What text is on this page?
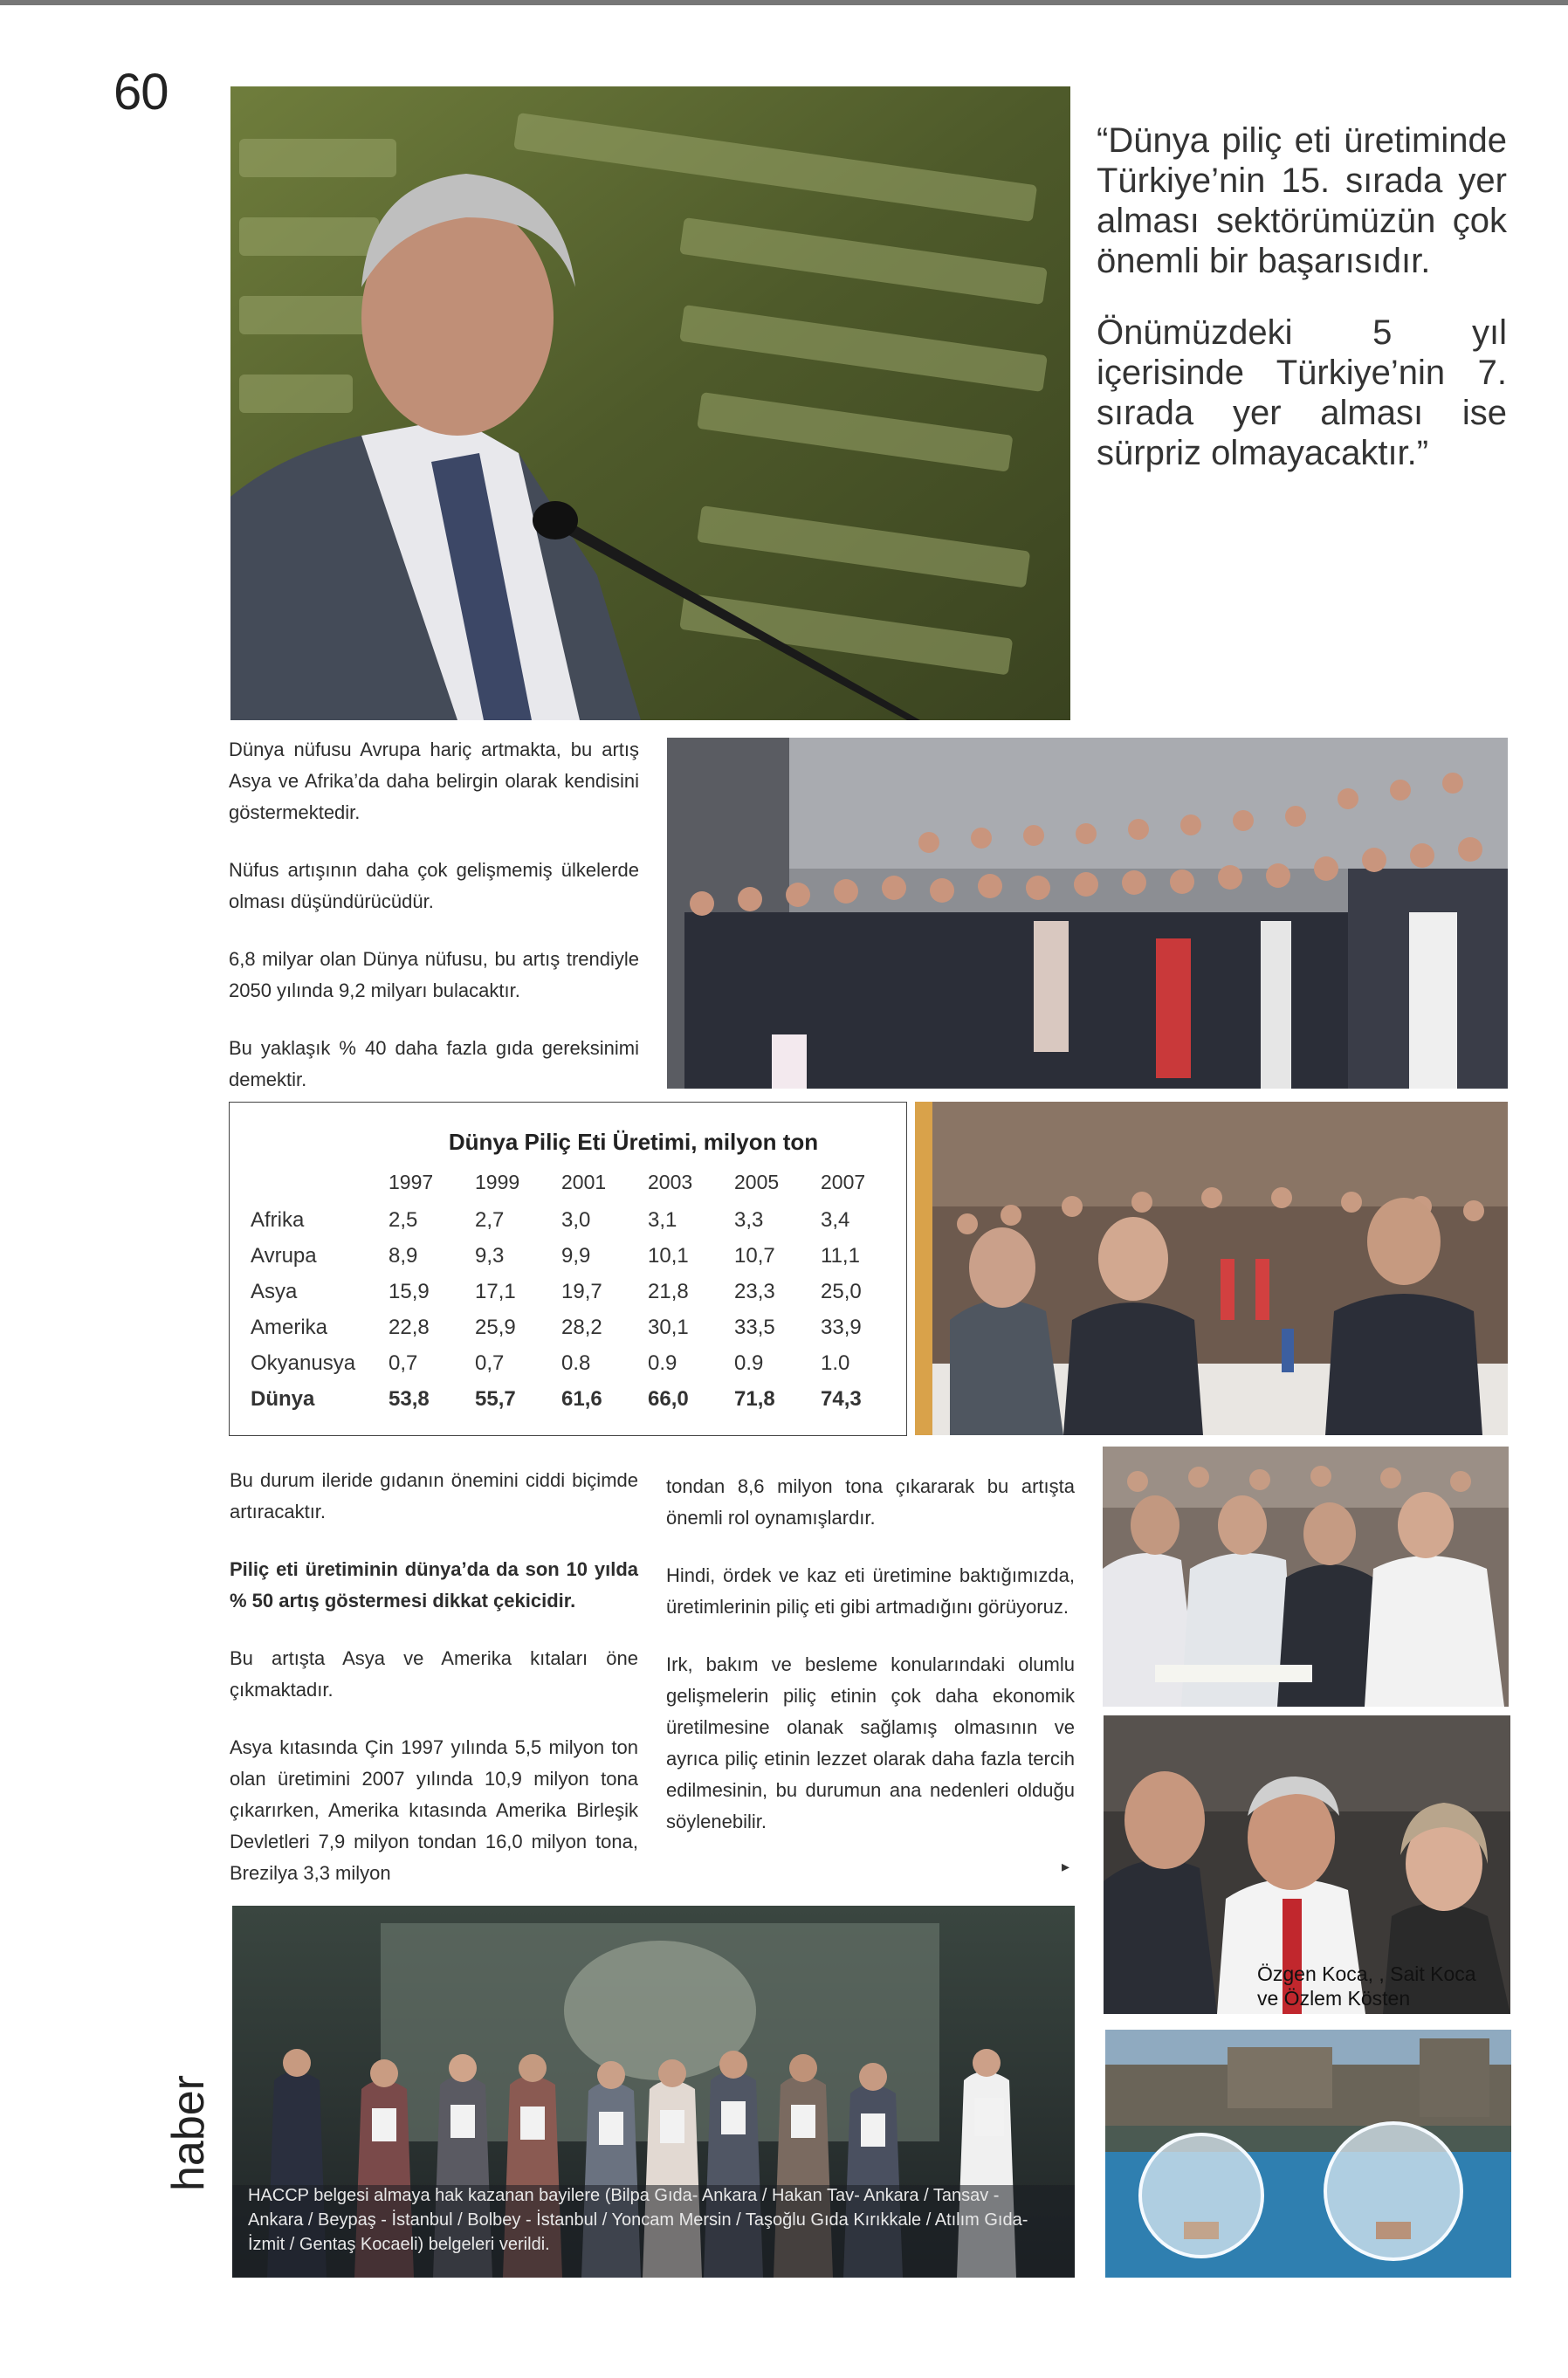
60
haber

“Dünya piliç eti üretiminde Türkiye’nin 15. sırada yer alması sektörümüzün çok önemli bir başarısıdır.

Önümüzdeki 5 yıl içerisinde Türkiye’nin 7. sırada yer alması ise sürpriz olmayacaktır.”

Dünya nüfusu Avrupa hariç artmakta, bu artış Asya ve Afrika’da daha belirgin olarak kendisini göstermektedir.

Nüfus artışının daha çok gelişmemiş ülkelerde olması düşündürücüdür.

6,8 milyar olan Dünya nüfusu, bu artış trendiyle 2050 yılında 9,2 milyarı bulacaktır.

Bu yaklaşık % 40 daha fazla gıda gereksinimi demektir.

Dünya Piliç Eti Üretimi, milyon ton
1997	1999	2001	2003	2005	2007
Afrika	2,5	2,7	3,0	3,1	3,3	3,4
Avrupa	8,9	9,3	9,9	10,1	10,7	11,1
Asya	15,9	17,1	19,7	21,8	23,3	25,0
Amerika	22,8	25,9	28,2	30,1	33,5	33,9
Okyanusya	0,7	0,7	0.8	0.9	0.9	1.0
Dünya	53,8	55,7	61,6	66,0	71,8	74,3

Bu durum ileride gıdanın önemini ciddi biçimde artıracaktır.

Piliç eti üretiminin dünya’da da son 10 yılda % 50 artış göstermesi dikkat çekicidir.

Bu artışta Asya ve Amerika kıtaları öne çıkmaktadır.

Asya kıtasında Çin 1997 yılında 5,5 milyon ton olan üretimini 2007 yılında 10,9 milyon tona çıkarırken, Amerika kıtasında Amerika Birleşik Devletleri 7,9 milyon tondan 16,0 milyon tona, Brezilya 3,3 milyon

tondan 8,6 milyon tona çıkararak bu artışta önemli rol oynamışlardır.

Hindi, ördek ve kaz eti üretimine baktığımızda, üretimlerinin piliç eti gibi artmadığını görüyoruz.

Irk, bakım ve besleme konularındaki olumlu gelişmelerin piliç etinin çok daha ekonomik üretilmesine olanak sağlamış olmasının ve ayrıca piliç etinin lezzet olarak daha fazla tercih edilmesinin, bu durumun ana nedenleri olduğu söylenebilir.

▸
Özgen Koca, , Sait Koca ve Özlem Kösten
HACCP belgesi almaya hak kazanan bayilere (Bilpa Gıda- Ankara / Hakan Tav- Ankara / Tansav - Ankara / Beypaş - İstanbul / Bolbey - İstanbul / Yoncam Mersin / Taşoğlu Gıda Kırıkkale / Atılım Gıda-İzmit / Gentaş Kocaeli) belgeleri verildi.
